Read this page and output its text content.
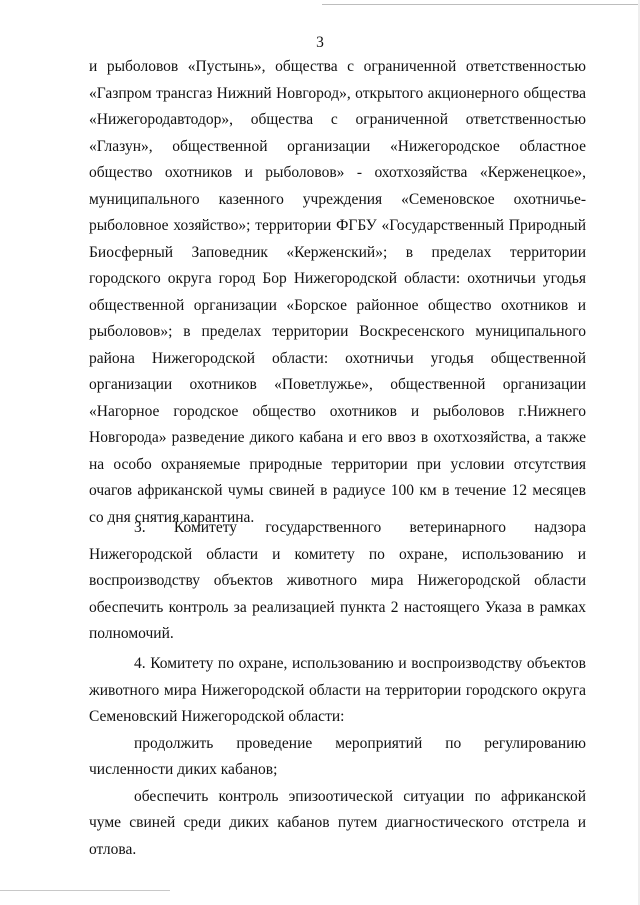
3

и рыболовов «Пустынь», общества с ограниченной ответственностью «Газпром трансгаз Нижний Новгород», открытого акционерного общества «Нижегородавтодор», общества с ограниченной ответственностью «Глазун», общественной организации «Нижегородское областное общество охотников и рыболовов» - охотхозяйства «Керженецкое», муниципального казенного учреждения «Семеновское охотничье-рыболовное хозяйство»; территории ФГБУ «Государственный Природный Биосферный Заповедник «Керженский»; в пределах территории городского округа город Бор Нижегородской области: охотничьи угодья общественной организации «Борское районное общество охотников и рыболовов»; в пределах территории Воскресенского муниципального района Нижегородской области: охотничьи угодья общественной организации охотников «Поветлужье», общественной организации «Нагорное городское общество охотников и рыболовов г.Нижнего Новгорода» разведение дикого кабана и его ввоз в охотхозяйства, а также на особо охраняемые природные территории при условии отсутствия очагов африканской чумы свиней в радиусе 100 км в течение 12 месяцев со дня снятия карантина.

3. Комитету государственного ветеринарного надзора Нижегородской области и комитету по охране, использованию и воспроизводству объектов животного мира Нижегородской области обеспечить контроль за реализацией пункта 2 настоящего Указа в рамках полномочий.

4. Комитету по охране, использованию и воспроизводству объектов животного мира Нижегородской области на территории городского округа Семеновский Нижегородской области:

продолжить проведение мероприятий по регулированию численности диких кабанов;

обеспечить контроль эпизоотической ситуации по африканской чуме свиней среди диких кабанов путем диагностического отстрела и отлова.
